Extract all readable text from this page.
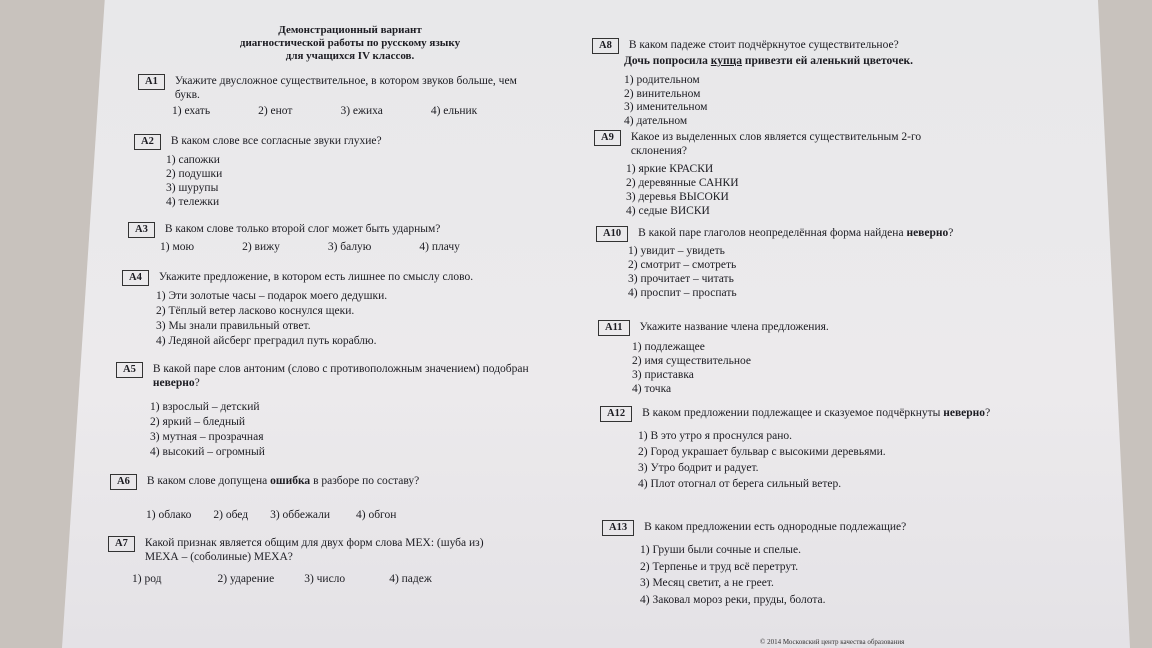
Демонстрационный вариант
диагностической работы по русскому языку
для учащихся IV классов.
A1 Укажите двусложное существительное, в котором звуков больше, чем букв.
1) ехать	2) енот	3) ежиха	4) ельник
A2 В каком слове все согласные звуки глухие?
1) сапожки
2) подушки
3) шурупы
4) тележки
A3 В каком слове только второй слог может быть ударным?
1) мою	2) вижу	3) балую	4) плачу
A4 Укажите предложение, в котором есть лишнее по смыслу слово.
1) Эти золотые часы – подарок моего дедушки.
2) Тёплый ветер ласково коснулся щеки.
3) Мы знали правильный ответ.
4) Ледяной айсберг преградил путь кораблю.
A5 В какой паре слов антоним (слово с противоположным значением) подобран неверно?
1) взрослый – детский
2) яркий – бледный
3) мутная – прозрачная
4) высокий – огромный
A6 В каком слове допущена ошибка в разборе по составу?
1) облако 2) обед 3) оббежали 4) обгон
A7 Какой признак является общим для двух форм слова МЕХ: (шуба из) МЕХА – (соболиные) МЕХА?
1) род	2) ударение	3) число	4) падеж
A8 В каком падеже стоит подчёркнутое существительное?
Дочь попросила купца привезти ей аленький цветочек.
1) родительном
2) винительном
3) именительном
4) дательном
A9 Какое из выделенных слов является существительным 2-го склонения?
1) яркие КРАСКИ
2) деревянные САНКИ
3) деревья ВЫСОКИ
4) седые ВИСКИ
A10 В какой паре глаголов неопределённая форма найдена неверно?
1) увидит – увидеть
2) смотрит – смотреть
3) прочитает – читать
4) проспит – проспать
A11 Укажите название члена предложения.
1) подлежащее
2) имя существительное
3) приставка
4) точка
A12 В каком предложении подлежащее и сказуемое подчёркнуты неверно?
1) В это утро я проснулся рано.
2) Город украшает бульвар с высокими деревьями.
3) Утро бодрит и радует.
4) Плот отогнал от берега сильный ветер.
A13 В каком предложении есть однородные подлежащие?
1) Груши были сочные и спелые.
2) Терпенье и труд всё перетрут.
3) Месяц светит, а не греет.
4) Заковал мороз реки, пруды, болота.
© 2014 Московский центр качества образования
